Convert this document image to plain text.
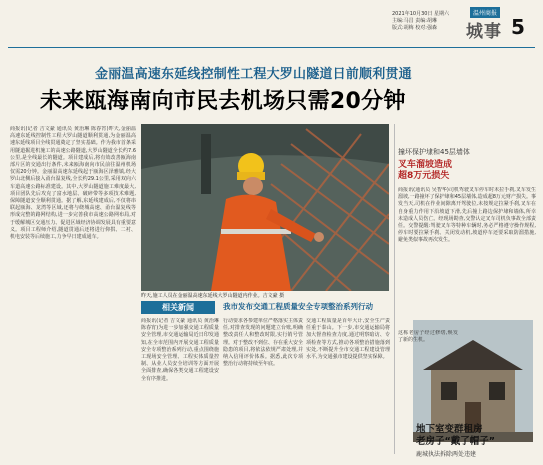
2021年10月30日 星期六
主编:马昌 责编:胡琳
版式:胡梅 校对:强森
温州商报
城事 5
金丽温高速东延线控制性工程大罗山隧道日前顺利贯通
未来瓯海南向市民去机场只需20分钟
商报讯(记者 吉文豪 通讯员 黄治琳 陈春宵)昨天,金丽温高速东延线控制性工程大罗山隧道顺利贯通,为金丽温高速东延线项目全线贯通奠定了坚实基础。作为我市首条采用隧道掘进机施工的高速公路隧道,大罗山隧道全长约7.6公里,是全线最长的隧道。项目建成后,将有效改善瓯海南部片区的交通出行条件,未来瓯海南向市民前往温州机场仅需20分钟。金丽温高速东延线起于瓯海区泽雅镇,经大罗山北侧后接入甬台温复线,全长约29.1公里,采用双向六车道高速公路标准建设。其中,大罗山隧道施工难度最大,项目团队先后攻克了富水地层、破碎带等多项技术难题,保障隧道安全顺利贯通。据了解,东延线建成后,不仅将串联起瓯海、龙湾等区域,还将与绕城高速、甬台温复线等形成完整的路网结构,进一步完善我市高速公路网布局,对于缓解城区交通压力、促进区域经济协调发展具有重要意义。项目工程师介绍,隧道贯通后还将进行仰拱、二衬、机电安装等后续施工,力争早日建成通车。
昨天,施工人员在金丽温高速东延线大罗山隧道内作业。吉文豪 摄
相关新闻	我市发布交通工程质量安全专项整治系列行动
商报讯(记者 吉文豪 通讯员 黄治琳 陈春宵)为进一步加强交通工程质量安全管理,市交通运输局近日印发通知,在全市范围内开展交通工程质量安全专项整治系列行动,重点围绕施工现场安全管理、工程实体质量控制、从业人员安全培训等方面开展全面排查,确保各类交通工程建设安全有序推进。
行动要求各参建单位严格落实主体责任,对排查发现的问题建立台账,明确整改责任人和整改时限,实行销号管理。对于整改不到位、存在重大安全隐患的项目,将依法依规严肃处理,并纳入信用评价体系。据悉,此次专项整治行动将持续至年底。
交通工程质量是百年大计,安全生产责任重于泰山。下一步,市交通运输局将加大督查检查力度,通过明察暗访、专项检查等方式,推动各项整治措施落到实处,不断提升全市交通工程建设管理水平,为交通强市建设提供坚实保障。
撞坏保护埭和45层墙体
叉车溜坡造成
超8万元损失
商报讯(通讯员 吴智华)司机驾驶叉车停车时未拉手刹,叉车发生溜坡,一路撞坏了保护埭和45层墙体,造成超8万元财产损失。事发当天,司机在作业间隙离开驾驶位,未按规定拉紧手刹,叉车在自身重力作用下沿坡道下滑,先后撞上路边保护埭和墙体,所幸未造成人员伤亡。经现场勘查,交警认定叉车司机负事故全部责任。交警提醒:驾驶叉车等特种车辆时,务必严格遵守操作规程,停车时要拉紧手刹、关闭发动机,坡道停车还要采取防溜措施,避免类似事故再次发生。
这栋老房子经过修缮,焕发了新的生机。
地下室变群租房
老房子“戴了帽子”
鹿城执法拆除两处违建
